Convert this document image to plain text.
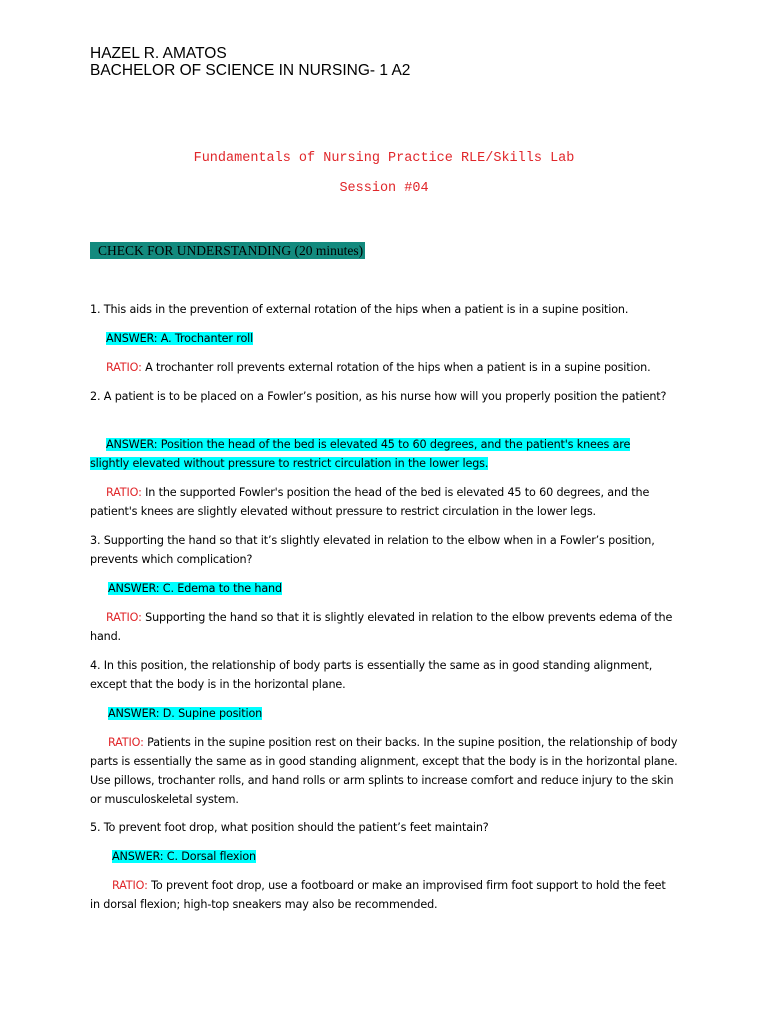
HAZEL R. AMATOS
BACHELOR OF SCIENCE IN NURSING- 1 A2
Fundamentals of Nursing Practice RLE/Skills Lab
Session #04
CHECK FOR UNDERSTANDING (20 minutes)
1. This aids in the prevention of external rotation of the hips when a patient is in a supine position.
ANSWER: A. Trochanter roll
RATIO: A trochanter roll prevents external rotation of the hips when a patient is in a supine position.
2. A patient is to be placed on a Fowler’s position, as his nurse how will you properly position the patient?
ANSWER: Position the head of the bed is elevated 45 to 60 degrees, and the patient's knees are
slightly elevated without pressure to restrict circulation in the lower legs.
RATIO: In the supported Fowler's position the head of the bed is elevated 45 to 60 degrees, and the patient's knees are slightly elevated without pressure to restrict circulation in the lower legs.
3. Supporting the hand so that it’s slightly elevated in relation to the elbow when in a Fowler’s position, prevents which complication?
ANSWER: C. Edema to the hand
RATIO: Supporting the hand so that it is slightly elevated in relation to the elbow prevents edema of the hand.
4. In this position, the relationship of body parts is essentially the same as in good standing alignment, except that the body is in the horizontal plane.
ANSWER: D. Supine position
RATIO: Patients in the supine position rest on their backs. In the supine position, the relationship of body parts is essentially the same as in good standing alignment, except that the body is in the horizontal plane. Use pillows, trochanter rolls, and hand rolls or arm splints to increase comfort and reduce injury to the skin or musculoskeletal system.
5. To prevent foot drop, what position should the patient’s feet maintain?
ANSWER: C. Dorsal flexion
RATIO: To prevent foot drop, use a footboard or make an improvised firm foot support to hold the feet in dorsal flexion; high-top sneakers may also be recommended.
